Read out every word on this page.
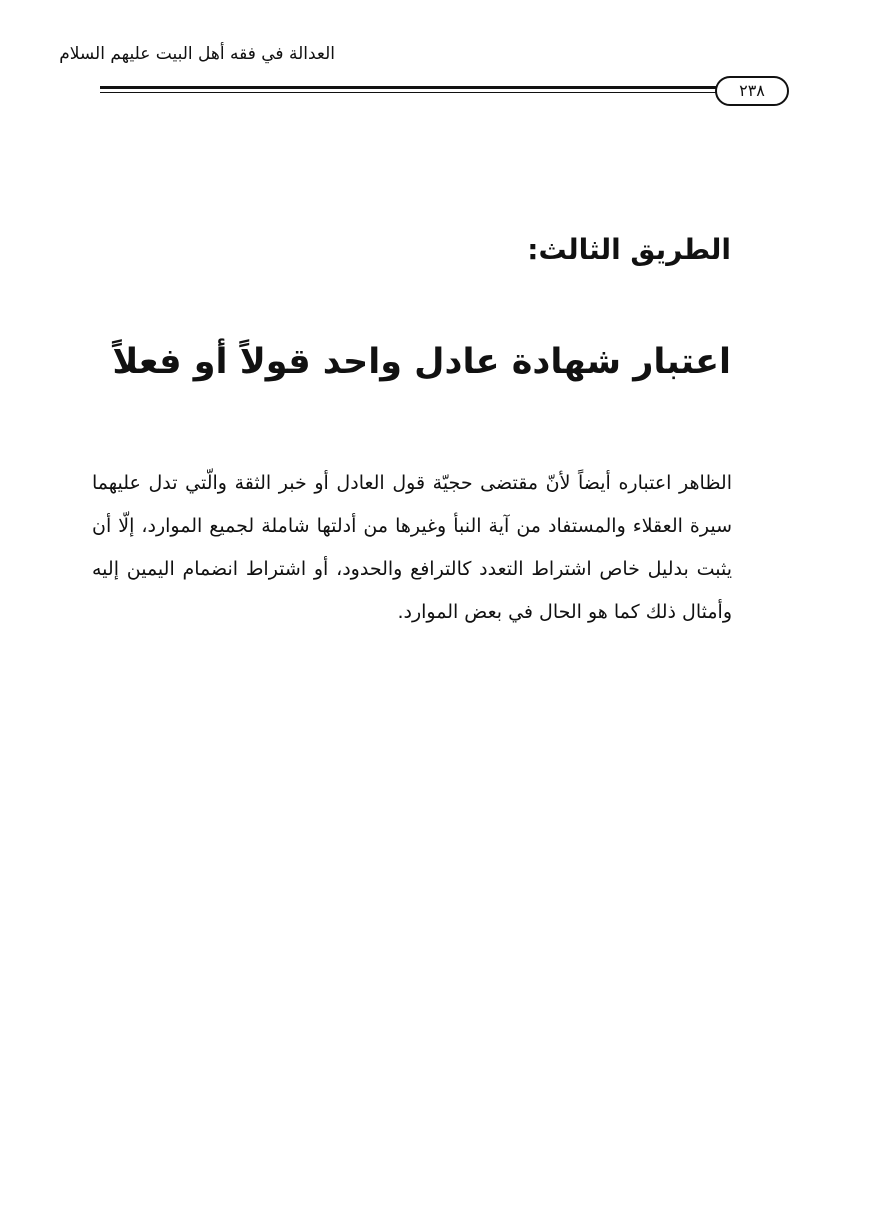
العدالة في فقه أهل البيت عليهم السلام
٢٣٨
الطريق الثالث:
اعتبار شهادة عادل واحد قولاً أو فعلاً

الظاهر اعتباره أيضاً لأنّ مقتضى حجيّة قول العادل أو خبر الثقة والّتي تدل عليهما سيرة العقلاء والمستفاد من آية النبأ وغيرها من أدلتها شاملة لجميع الموارد، إلّا أن يثبت بدليل خاص اشتراط التعدد كالترافع والحدود، أو اشتراط انضمام اليمين إليه وأمثال ذلك كما هو الحال في بعض الموارد.
